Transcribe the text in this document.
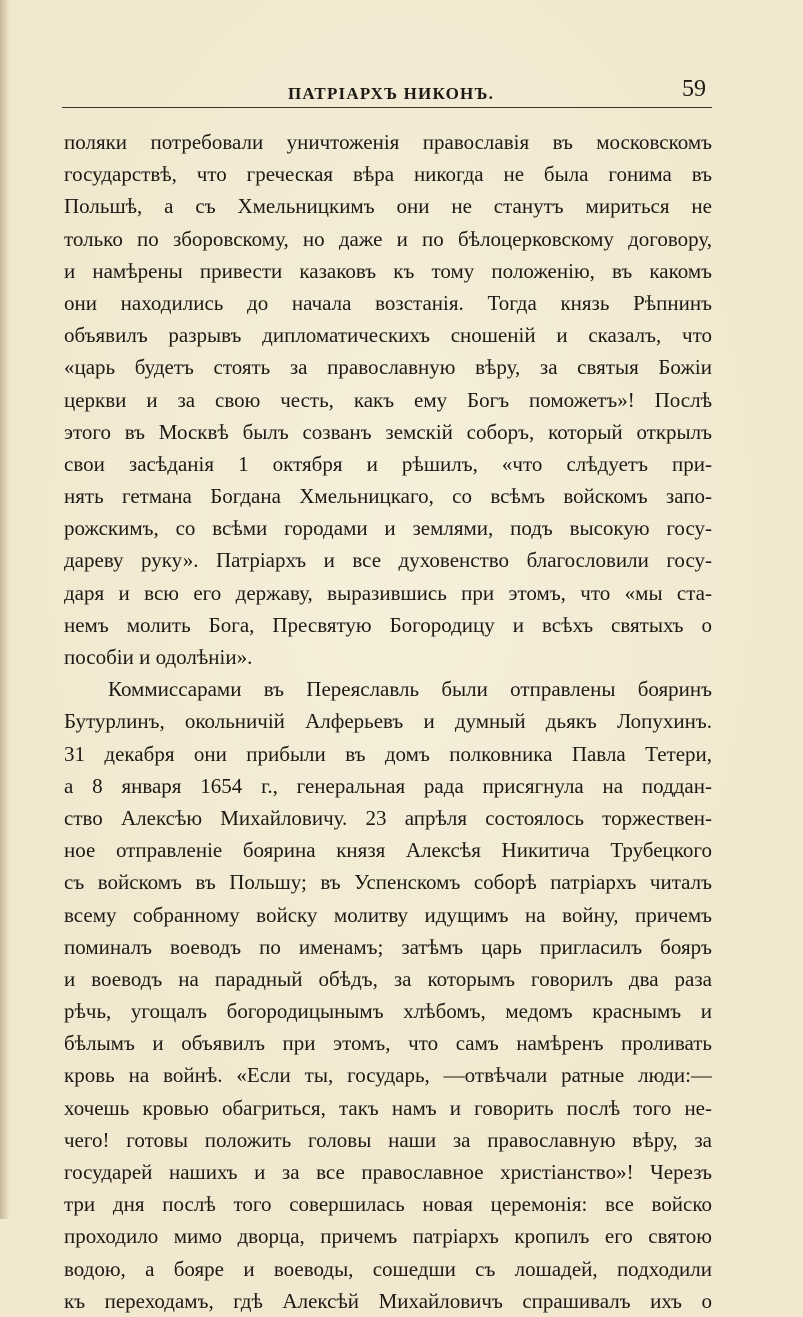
ПАТРІАРХЪ НИКОНЪ.	59
поляки потребовали уничтоженія православія въ московскомъ
государствѣ, что греческая вѣра никогда не была гонима въ
Польшѣ, а съ Хмельницкимъ они не станутъ мириться не
только по зборовскому, но даже и по бѣлоцерковскому договору,
и намѣрены привести казаковъ къ тому положенію, въ какомъ
они находились до начала возстанія. Тогда князь Рѣпнинъ
объявилъ разрывъ дипломатическихъ сношеній и сказалъ, что
«царь будетъ стоять за православную вѣру, за святыя Божіи
церкви и за свою честь, какъ ему Богъ поможетъ»! Послѣ
этого въ Москвѣ былъ созванъ земскій соборъ, который открылъ
свои засѣданія 1 октября и рѣшилъ, «что слѣдуетъ при-
нять гетмана Богдана Хмельницкаго, со всѣмъ войскомъ запо-
рожскимъ, со всѣми городами и землями, подъ высокую госу-
дареву руку». Патріархъ и все духовенство благословили госу-
даря и всю его державу, выразившись при этомъ, что «мы ста-
немъ молить Бога, Пресвятую Богородицу и всѣхъ святыхъ о
пособіи и одолѣніи».
Коммиссарами въ Переяславль были отправлены бояринъ
Бутурлинъ, окольничій Алферьевъ и думный дьякъ Лопухинъ.
31 декабря они прибыли въ домъ полковника Павла Тетери,
а 8 января 1654 г., генеральная рада присягнула на поддан-
ство Алексѣю Михайловичу. 23 апрѣля состоялось торжествен-
ное отправленіе боярина князя Алексѣя Никитича Трубецкого
съ войскомъ въ Польшу; въ Успенскомъ соборѣ патріархъ читалъ
всему собранному войску молитву идущимъ на войну, причемъ
поминалъ воеводъ по именамъ; затѣмъ царь пригласилъ бояръ
и воеводъ на парадный обѣдъ, за которымъ говорилъ два раза
рѣчь, угощалъ богородицынымъ хлѣбомъ, медомъ краснымъ и
бѣлымъ и объявилъ при этомъ, что самъ намѣренъ проливать
кровь на войнѣ. «Если ты, государь, —отвѣчали ратные люди:—
хочешь кровью обагриться, такъ намъ и говорить послѣ того не-
чего! готовы положить головы наши за православную вѣру, за
государей нашихъ и за все православное христіанство»! Черезъ
три дня послѣ того совершилась новая церемонія: все войско
проходило мимо дворца, причемъ патріархъ кропилъ его святою
водою, а бояре и воеводы, сошедши съ лошадей, подходили
къ переходамъ, гдѣ Алексѣй Михайловичъ спрашивалъ ихъ о
